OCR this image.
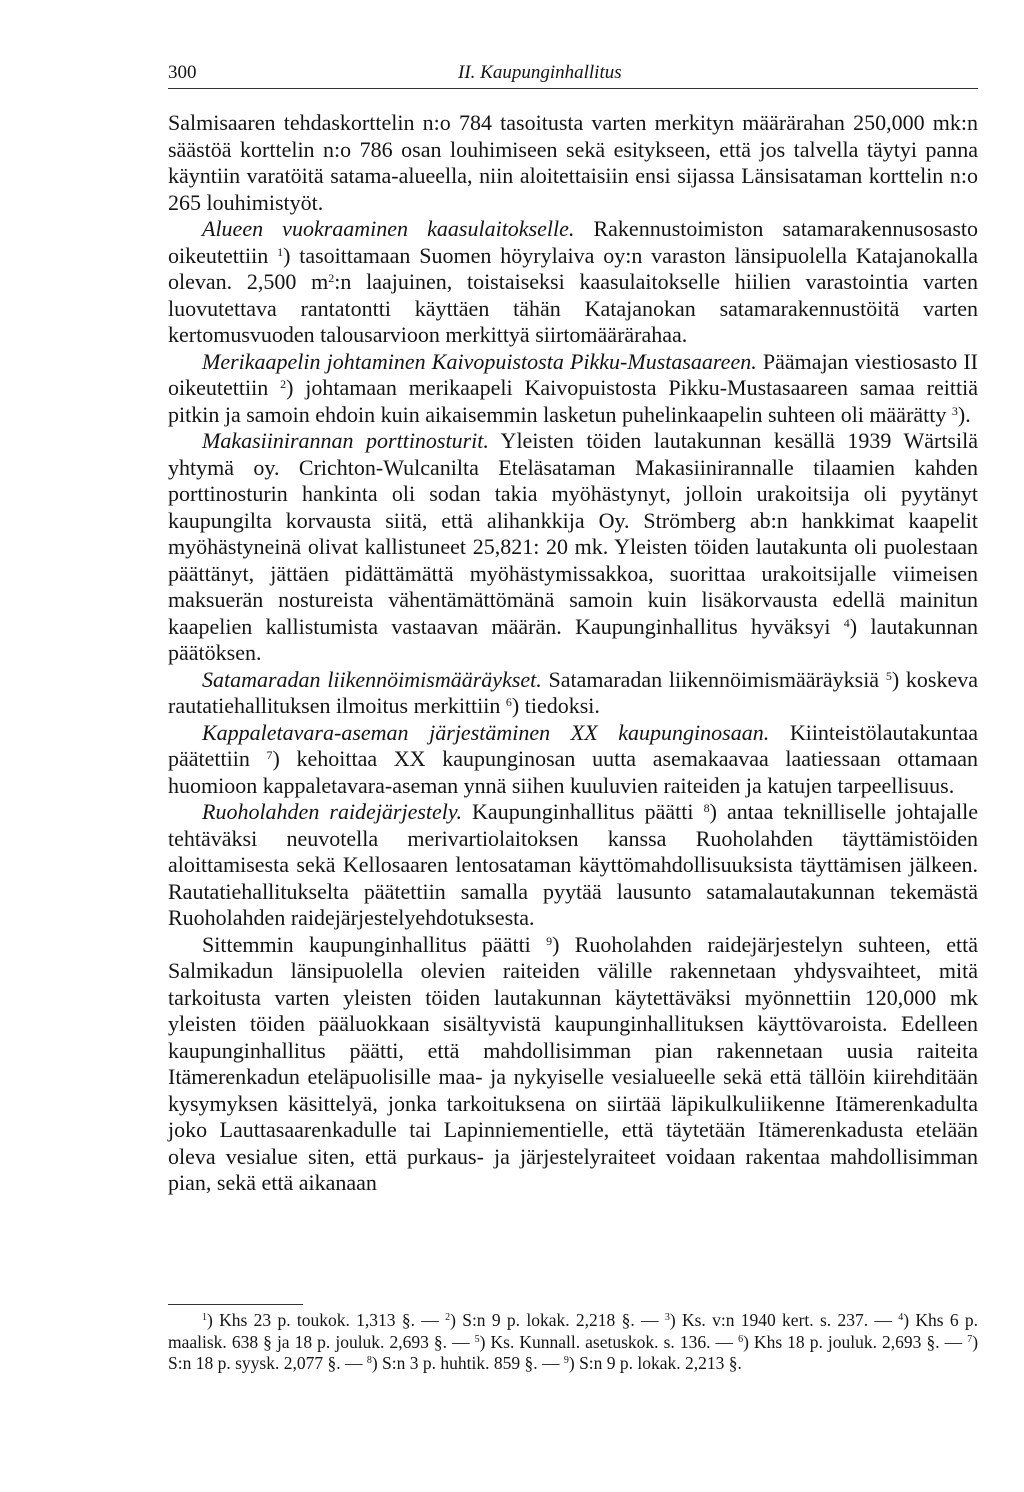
300	II. Kaupunginhallitus

Salmisaaren tehdaskorttelin n:o 784 tasoitusta varten merkityn määrärahan 250,000 mk:n säästöä korttelin n:o 786 osan louhimiseen sekä esitykseen, että jos talvella täytyi panna käyntiin varatöitä satama-alueella, niin aloitettaisiin ensi sijassa Länsisataman korttelin n:o 265 louhimistyöt.

Alueen vuokraaminen kaasulaitokselle. Rakennustoimiston satamarakennusosasto oikeutettiin $^1$) tasoittamaan Suomen höyrylaiva oy:n varaston länsipuolella Katajanokalla olevan. 2,500 $m^2:n$ laajuinen, toistaiseksi kaasulaitokselle hiilien varastointia varten luovutettava rantatontti käyttäen tähän Katajanokan satamarakennustöitä varten kertomusvuoden talousarvioon merkittyä siirtomäärärahaa.

Merikaapelin johtaminen Kaivopuistosta Pikku-Mustasaareen. Päämajan viestiosasto II oikeutettiin $^2$) johtamaan merikaapeli Kaivopuistosta Pikku-Mustasaareen samaa reittiä pitkin ja samoin ehdoin kuin aikaisemmin lasketun puhelinkaapelin suhteen oli määrätty $^3$).

Makasiinirannan porttinosturit. Yleisten töiden lautakunnan kesällä 1939 Wärtsilä yhtymä oy. Crichton-Wulcanilta Eteläsataman Makasiinirannalle tilaamien kahden porttinosturin hankinta oli sodan takia myöhästynyt, jolloin urakoitsija oli pyytänyt kaupungilta korvausta siitä, että alihankkija Oy. Strömberg ab:n hankkimat kaapelit myöhästyneinä olivat kallistuneet 25,821: 20 mk. Yleisten töiden lautakunta oli puolestaan päättänyt, jättäen pidättämättä myöhästymissakkoa, suorittaa urakoitsijalle viimeisen maksuerän nostureista vähentämättömänä samoin kuin lisäkorvausta edellä mainitun kaapelien kallistumista vastaavan määrän. Kaupunginhallitus hyväksyi $^4$) lautakunnan päätöksen.

Satamaradan liikennöimismääräykset. Satamaradan liikennöimismääräyksiä $^5$) koskeva rautatiehallituksen ilmoitus merkittiin $^6$) tiedoksi.

Kappaletavara-aseman järjestäminen XX kaupunginosaan. Kiinteistölautakuntaa päätettiin $^7$) kehoittaa XX kaupunginosan uutta asemakaavaa laatiessaan ottamaan huomioon kappaletavara-aseman ynnä siihen kuuluvien raiteiden ja katujen tarpeellisuus.

Ruoholahden raidejärjestely. Kaupunginhallitus päätti $^8$) antaa teknilliselle johtajalle tehtäväksi neuvotella merivartiolaitoksen kanssa Ruoholahden täyttämistöiden aloittamisesta sekä Kellosaaren lentosataman käyttömahdollisuuksista täyttämisen jälkeen. Rautatiehallitukselta päätettiin samalla pyytää lausunto satamalautakunnan tekemästä Ruoholahden raidejärjestelyehdotuksesta.

Sittemmin kaupunginhallitus päätti $^9$) Ruoholahden raidejärjestelyn suhteen, että Salmikadun länsipuolella olevien raiteiden välille rakennetaan yhdysvaihteet, mitä tarkoitusta varten yleisten töiden lautakunnan käytettäväksi myönnettiin 120,000 mk yleisten töiden pääluokkaan sisältyvistä kaupunginhallituksen käyttövaroista. Edelleen kaupunginhallitus päätti, että mahdollisimman pian rakennetaan uusia raiteita Itämerenkadun eteläpuolisille maa- ja nykyiselle vesialueelle sekä että tällöin kiirehditään kysymyksen käsittelyä, jonka tarkoituksena on siirtää läpikulkuliikenne Itämerenkadulta joko Lauttasaarenkadulle tai Lapinniementielle, että täytetään Itämerenkadusta etelään oleva vesialue siten, että purkaus- ja järjestelyraiteet voidaan rakentaa mahdollisimman pian, sekä että aikanaan

$^1$) Khs 23 p. toukok. 1,313 §. — $^2$) S:n 9 p. lokak. 2,218 §. — $^3$) Ks. v:n 1940 kert. s. 237. — $^4$) Khs 6 p. maalisk. 638 § ja 18 p. jouluk. 2,693 §. — $^5$) Ks. Kunnall. asetuskok. s. 136. — $^6$) Khs 18 p. jouluk. 2,693 §. — $^7$) S:n 18 p. syysk. 2,077 §. — $^8$) S:n 3 p. huhtik. 859 §. — $^9$) S:n 9 p. lokak. 2,213 §.
